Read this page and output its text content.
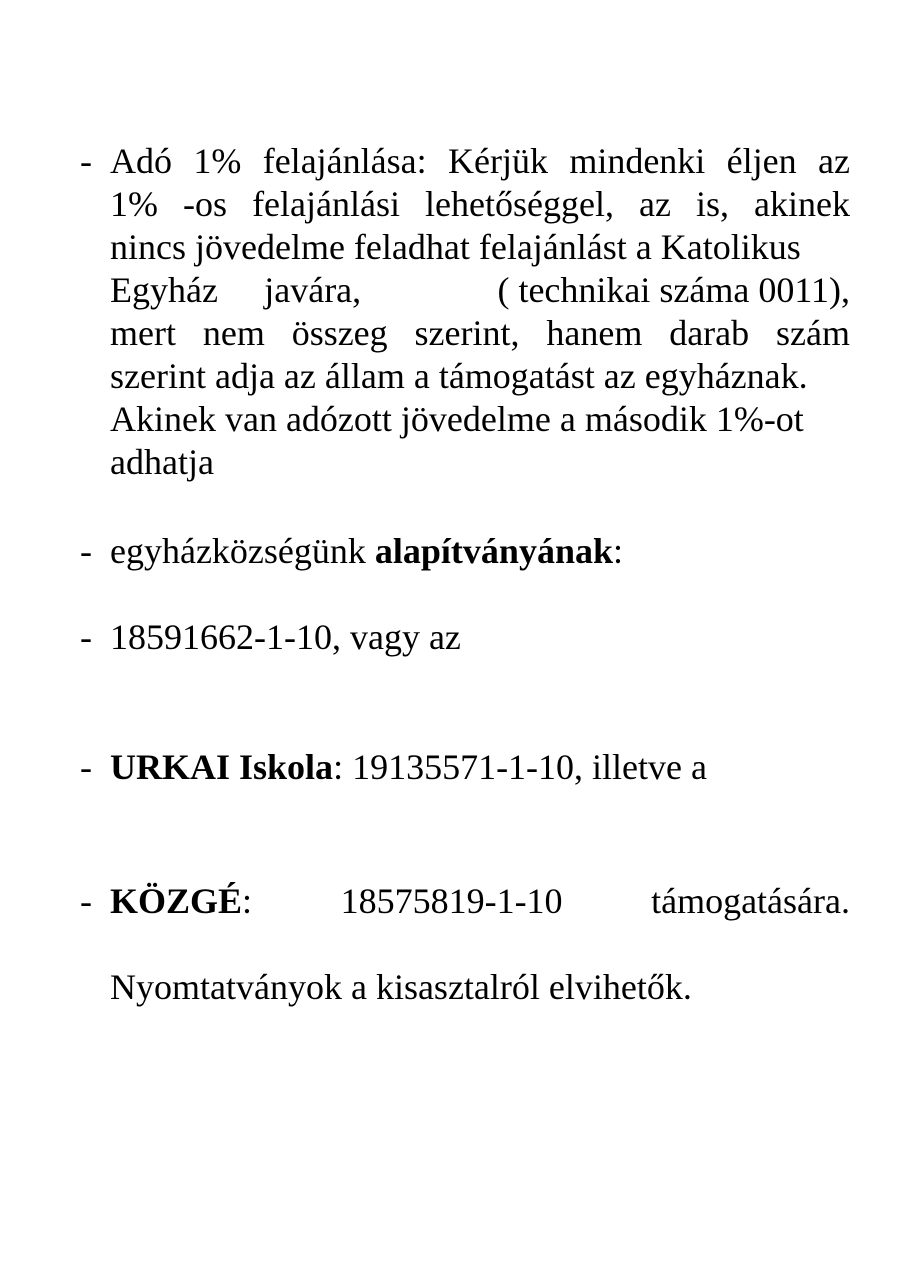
- Adó 1% felajánlása: Kérjük mindenki éljen az
1% -os felajánlási lehetőséggel, az is, akinek
nincs jövedelme feladhat felajánlást a Katolikus
Egyház javára,	( technikai száma 0011),
mert nem összeg szerint, hanem darab szám
szerint adja az állam a támogatást az egyháznak.
Akinek van adózott jövedelme a második 1%-ot
adhatja
- egyházközségünk alapítványának:
- 18591662-1-10, vagy az
- URKAI Iskola: 19135571-1-10, illetve a
- KÖZGÉ: 18575819-1-10 támogatására.
Nyomtatványok a kisasztalról elvihetők.
